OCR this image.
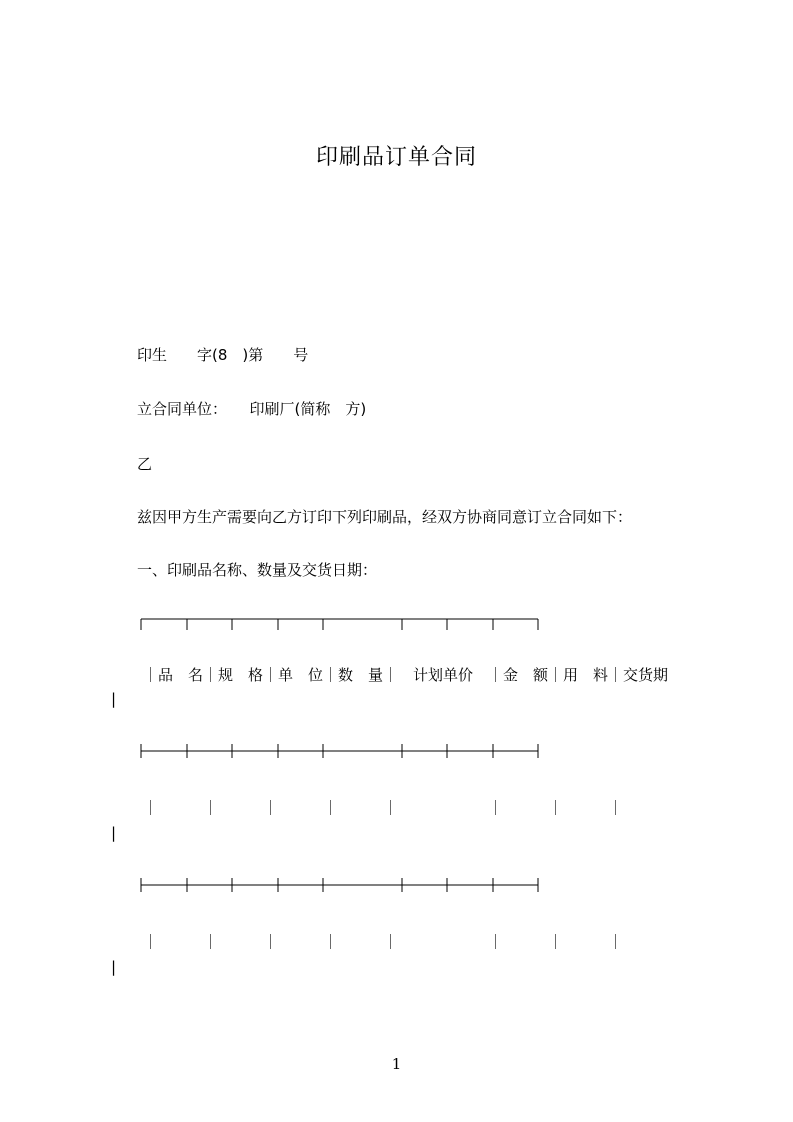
印刷品订单合同
印生　　字(8　)第　　号
立合同单位：　　印刷厂(简称　方)
乙
兹因甲方生产需要向乙方订印下列印刷品，经双方协商同意订立合同如下：
一、印刷品名称、数量及交货日期：
｜品　名｜规　格｜单　位｜数　量｜　计划单价　｜金　额｜用　料｜交货期
|
｜　　　｜　　　｜　　　｜　　　｜　　　　　　｜　　　｜　　　｜
|
｜　　　｜　　　｜　　　｜　　　｜　　　　　　｜　　　｜　　　｜
|
1
